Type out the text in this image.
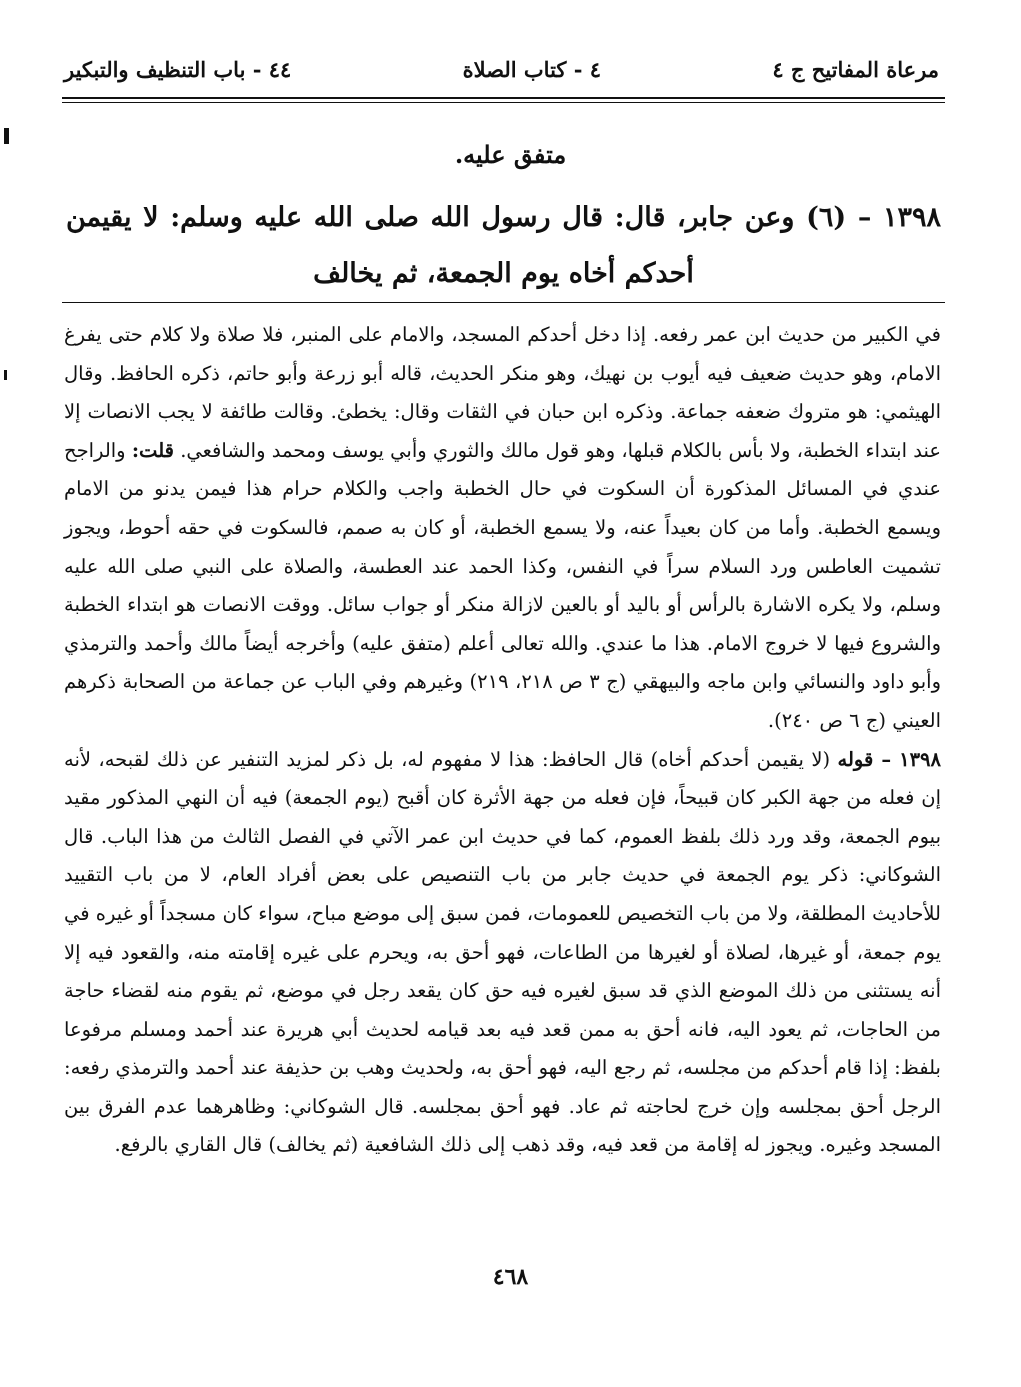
مرعاة المفاتيح ج ٤
٤ - كتاب الصلاة
٤٤ - باب التنظيف والتبكير
متفق عليه.
١٣٩٨ – (٦) وعن جابر، قال: قال رسول الله صلى الله عليه وسلم: لا يقيمن أحدكم أخاه يوم الجمعة، ثم يخالف

في الكبير من حديث ابن عمر رفعه. إذا دخل أحدكم المسجد، والامام على المنبر، فلا صلاة ولا كلام حتى يفرغ الامام، وهو حديث ضعيف فيه أيوب بن نهيك، وهو منكر الحديث، قاله أبو زرعة وأبو حاتم، ذكره الحافظ. وقال الهيثمي: هو متروك ضعفه جماعة. وذكره ابن حبان في الثقات وقال: يخطئ. وقالت طائفة لا يجب الانصات إلا عند ابتداء الخطبة، ولا بأس بالكلام قبلها، وهو قول مالك والثوري وأبي يوسف ومحمد والشافعي. قلت: والراجح عندي في المسائل المذكورة أن السكوت في حال الخطبة واجب والكلام حرام هذا فيمن يدنو من الامام ويسمع الخطبة. وأما من كان بعيداً عنه، ولا يسمع الخطبة، أو كان به صمم، فالسكوت في حقه أحوط، ويجوز تشميت العاطس ورد السلام سراً في النفس، وكذا الحمد عند العطسة، والصلاة على النبي صلى الله عليه وسلم، ولا يكره الاشارة بالرأس أو باليد أو بالعين لازالة منكر أو جواب سائل. ووقت الانصات هو ابتداء الخطبة والشروع فيها لا خروج الامام. هذا ما عندي. والله تعالى أعلم (متفق عليه) وأخرجه أيضاً مالك وأحمد والترمذي وأبو داود والنسائي وابن ماجه والبيهقي (ج ٣ ص ٢١٨، ٢١٩) وغيرهم وفي الباب عن جماعة من الصحابة ذكرهم العيني (ج ٦ ص ٢٤٠).

١٣٩٨ – قوله (لا يقيمن أحدكم أخاه) قال الحافظ: هذا لا مفهوم له، بل ذكر لمزيد التنفير عن ذلك لقبحه، لأنه إن فعله من جهة الكبر كان قبيحاً، فإن فعله من جهة الأثرة كان أقبح (يوم الجمعة) فيه أن النهي المذكور مقيد بيوم الجمعة، وقد ورد ذلك بلفظ العموم، كما في حديث ابن عمر الآتي في الفصل الثالث من هذا الباب. قال الشوكاني: ذكر يوم الجمعة في حديث جابر من باب التنصيص على بعض أفراد العام، لا من باب التقييد للأحاديث المطلقة، ولا من باب التخصيص للعمومات، فمن سبق إلى موضع مباح، سواء كان مسجداً أو غيره في يوم جمعة، أو غيرها، لصلاة أو لغيرها من الطاعات، فهو أحق به، ويحرم على غيره إقامته منه، والقعود فيه إلا أنه يستثنى من ذلك الموضع الذي قد سبق لغيره فيه حق كان يقعد رجل في موضع، ثم يقوم منه لقضاء حاجة من الحاجات، ثم يعود اليه، فانه أحق به ممن قعد فيه بعد قيامه لحديث أبي هريرة عند أحمد ومسلم مرفوعا بلفظ: إذا قام أحدكم من مجلسه، ثم رجع اليه، فهو أحق به، ولحديث وهب بن حذيفة عند أحمد والترمذي رفعه: الرجل أحق بمجلسه وإن خرج لحاجته ثم عاد. فهو أحق بمجلسه. قال الشوكاني: وظاهرهما عدم الفرق بين المسجد وغيره. ويجوز له إقامة من قعد فيه، وقد ذهب إلى ذلك الشافعية (ثم يخالف) قال القاري بالرفع.

٤٦٨
